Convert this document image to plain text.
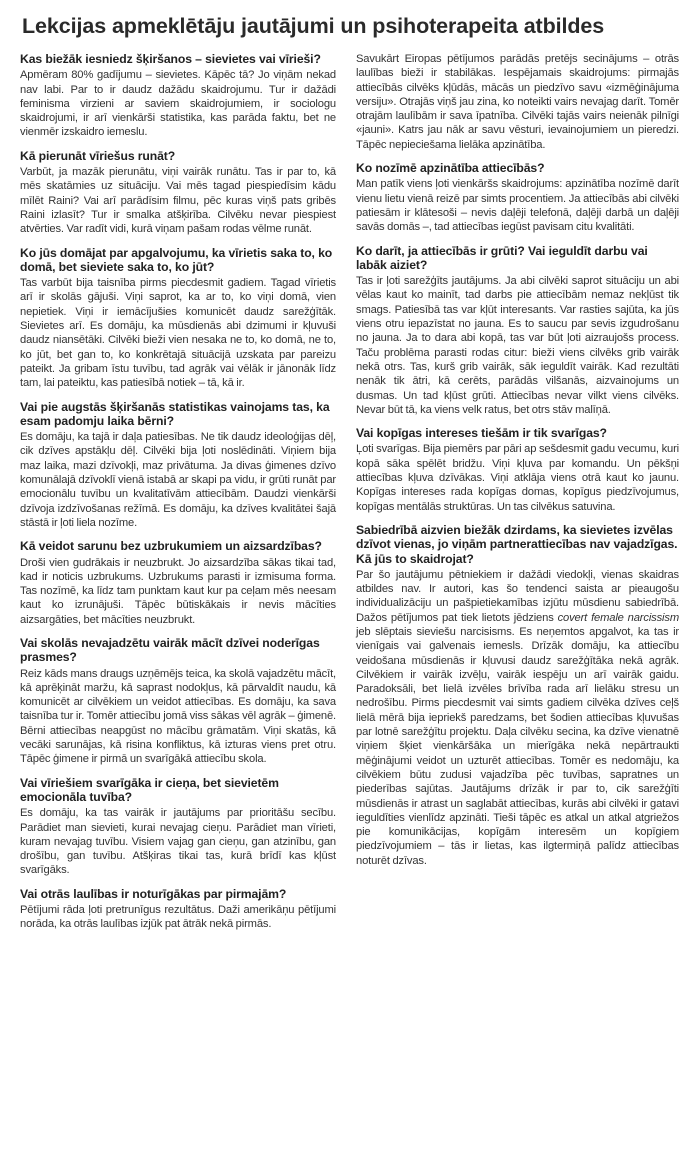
Lekcijas apmeklētāju jautājumi un psihoterapeita atbildes
Kas biežāk iesniedz šķiršanos – sievietes vai vīrieši?
Apmēram 80% gadījumu – sievietes. Kāpēc tā? Jo viņām nekad nav labi. Par to ir daudz dažādu skaidrojumu. Tur ir dažādi feminisma virzieni ar saviem skaidrojumiem, ir sociologu skaidrojumi, ir arī vienkārši statistika, kas parāda faktu, bet ne vienmēr izskaidro iemeslu.
Kā pierunāt vīriešus runāt?
Varbūt, ja mazāk pierunātu, viņi vairāk runātu. Tas ir par to, kā mēs skatāmies uz situāciju. Vai mēs tagad piespiedīsim kādu mīlēt Raini? Vai arī parādīsim filmu, pēc kuras viņš pats gribēs Raini izlasīt? Tur ir smalka atšķirība. Cilvēku nevar piespiest atvērties. Var radīt vidi, kurā viņam pašam rodas vēlme runāt.
Ko jūs domājat par apgalvojumu, ka vīrietis saka to, ko domā, bet sieviete saka to, ko jūt?
Tas varbūt bija taisnība pirms piecdesmit gadiem. Tagad vīrietis arī ir skolās gājuši. Viņi saprot, ka ar to, ko viņi domā, vien nepietiek. Viņi ir iemācījušies komunicēt daudz sarežģītāk. Sievietes arī. Es domāju, ka mūsdienās abi dzimumi ir kļuvuši daudz niansētāki. Cilvēki bieži vien nesaka ne to, ko domā, ne to, ko jūt, bet gan to, ko konkrētajā situācijā uzskata par pareizu pateikt. Ja gribam īstu tuvību, tad agrāk vai vēlāk ir jānonāk līdz tam, lai pateiktu, kas patiesībā notiek – tā, kā ir.
Vai pie augstās šķiršanās statistikas vainojams tas, ka esam padomju laika bērni?
Es domāju, ka tajā ir daļa patiesības. Ne tik daudz ideoloģijas dēļ, cik dzīves apstākļu dēļ. Cilvēki bija ļoti noslēdināti. Viņiem bija maz laika, mazi dzīvokļi, maz privātuma. Ja divas ģimenes dzīvo komunālajā dzīvoklī vienā istabā ar skapi pa vidu, ir grūti runāt par emocionālu tuvību un kvalitatīvām attiecībām. Daudzi vienkārši dzīvoja izdzīvošanas režīmā. Es domāju, ka dzīves kvalitātei šajā stāstā ir ļoti liela nozīme.
Kā veidot sarunu bez uzbrukumiem un aizsardzības?
Droši vien gudrākais ir neuzbrukt. Jo aizsardzība sākas tikai tad, kad ir noticis uzbrukums. Uzbrukums parasti ir izmisuma forma. Tas nozīmē, ka līdz tam punktam kaut kur pa ceļam mēs neesam kaut ko izrunājuši. Tāpēc būtiskākais ir nevis mācīties aizsargāties, bet mācīties neuzbrukt.
Vai skolās nevajadzētu vairāk mācīt dzīvei noderīgas prasmes?
Reiz kāds mans draugs uzņēmējs teica, ka skolā vajadzētu mācīt, kā aprēķināt maržu, kā saprast nodokļus, kā pārvaldīt naudu, kā komunicēt ar cilvēkiem un veidot attiecības. Es domāju, ka sava taisnība tur ir. Tomēr attiecību jomā viss sākas vēl agrāk – ģimenē. Bērni attiecības neapgūst no mācību grāmatām. Viņi skatās, kā vecāki sarunājas, kā risina konfliktus, kā izturas viens pret otru. Tāpēc ģimene ir pirmā un svarīgākā attiecību skola.
Vai vīriešiem svarīgāka ir cieņa, bet sievietēm emocionāla tuvība?
Es domāju, ka tas vairāk ir jautājums par prioritāšu secību. Parādiet man sievieti, kurai nevajag cieņu. Parādiet man vīrieti, kuram nevajag tuvību. Visiem vajag gan cieņu, gan atzinību, gan drošību, gan tuvību. Atšķiras tikai tas, kurā brīdī kas kļūst svarīgāks.
Vai otrās laulības ir noturīgākas par pirmajām?
Pētījumi rāda ļoti pretrunīgus rezultātus. Daži amerikāņu pētījumi norāda, ka otrās laulības izjūk pat ātrāk nekā pirmās.
Savukārt Eiropas pētījumos parādās pretējs secinājums – otrās laulības bieži ir stabilākas. Iespējamais skaidrojums: pirmajās attiecībās cilvēks kļūdās, mācās un piedzīvo savu «izmēģinājuma versiju». Otrajās viņš jau zina, ko noteikti vairs nevajag darīt. Tomēr otrajām laulībām ir sava īpatnība. Cilvēki tajās vairs neienāk pilnīgi «jauni». Katrs jau nāk ar savu vēsturi, ievainojumiem un pieredzi. Tāpēc nepieciešama lielāka apzinātība.
Ko nozīmē apzinātība attiecībās?
Man patīk viens ļoti vienkāršs skaidrojums: apzinātība nozīmē darīt vienu lietu vienā reizē par simts procentiem. Ja attiecībās abi cilvēki patiesām ir klātesoši – nevis daļēji telefonā, daļēji darbā un daļēji savās domās –, tad attiecības iegūst pavisam citu kvalitāti.
Ko darīt, ja attiecībās ir grūti? Vai ieguldīt darbu vai labāk aiziet?
Tas ir ļoti sarežģīts jautājums. Ja abi cilvēki saprot situāciju un abi vēlas kaut ko mainīt, tad darbs pie attiecībām nemaz nekļūst tik smags. Patiesībā tas var kļūt interesants. Var rasties sajūta, ka jūs viens otru iepazīstat no jauna. Es to saucu par sevis izgudrošanu no jauna. Ja to dara abi kopā, tas var būt ļoti aizraujošs process. Taču problēma parasti rodas citur: bieži viens cilvēks grib vairāk nekā otrs. Tas, kurš grib vairāk, sāk ieguldīt vairāk. Kad rezultāti nenāk tik ātri, kā cerēts, parādās vilšanās, aizvainojums un dusmas. Un tad kļūst grūti. Attiecības nevar vilkt viens cilvēks. Nevar būt tā, ka viens velk ratus, bet otrs stāv malīņā.
Vai kopīgas intereses tiešām ir tik svarīgas?
Ļoti svarīgas. Bija piemērs par pāri ap sešdesmit gadu vecumu, kuri kopā sāka spēlēt bridžu. Viņi kļuva par komandu. Un pēkšņi attiecības kļuva dzīvākas. Viņi atklāja viens otrā kaut ko jaunu. Kopīgas intereses rada kopīgas domas, kopīgus piedzīvojumus, kopīgas mentālās struktūras. Un tas cilvēkus satuvina.
Sabiedrībā aizvien biežāk dzirdams, ka sievietes izvēlas dzīvot vienas, jo viņām partnerattiecības nav vajadzīgas. Kā jūs to skaidrojat?
Par šo jautājumu pētniekiem ir dažādi viedokļi, vienas skaidras atbildes nav. Ir autori, kas šo tendenci saista ar pieaugošu individualizāciju un pašpietiekamības izjūtu mūsdienu sabiedrībā. Dažos pētījumos pat tiek lietots jēdziens covert female narcissism jeb slēptais sieviešu narcisisms. Es neņemtos apgalvot, ka tas ir vienīgais vai galvenais iemesls. Drīzāk domāju, ka attiecību veidošana mūsdienās ir kļuvusi daudz sarežģītāka nekā agrāk. Cilvēkiem ir vairāk izvēļu, vairāk iespēju un arī vairāk gaidu. Paradoksāli, bet lielā izvēles brīvība rada arī lielāku stresu un nedrošību. Pirms piecdesmit vai simts gadiem cilvēka dzīves ceļš lielā mērā bija iepriekš paredzams, bet šodien attiecības kļuvušas par lotnē sarežģītu projektu. Daļa cilvēku secina, ka dzīve vienatnē viņiem šķiet vienkāršāka un mierīgāka nekā nepārtraukti mēģinājumi veidot un uzturēt attiecības. Tomēr es nedomāju, ka cilvēkiem būtu zudusi vajadzība pēc tuvības, sapratnes un piederības sajūtas. Jautājums drīzāk ir par to, cik sarežģīti mūsdienās ir atrast un saglabāt attiecības, kurās abi cilvēki ir gatavi ieguldīties vienlīdz apzināti. Tieši tāpēc es atkal un atkal atgriežos pie komunikācijas, kopīgām interesēm un kopīgiem piedzīvojumiem – tās ir lietas, kas ilgtermiņā palīdz attiecības noturēt dzīvas.
